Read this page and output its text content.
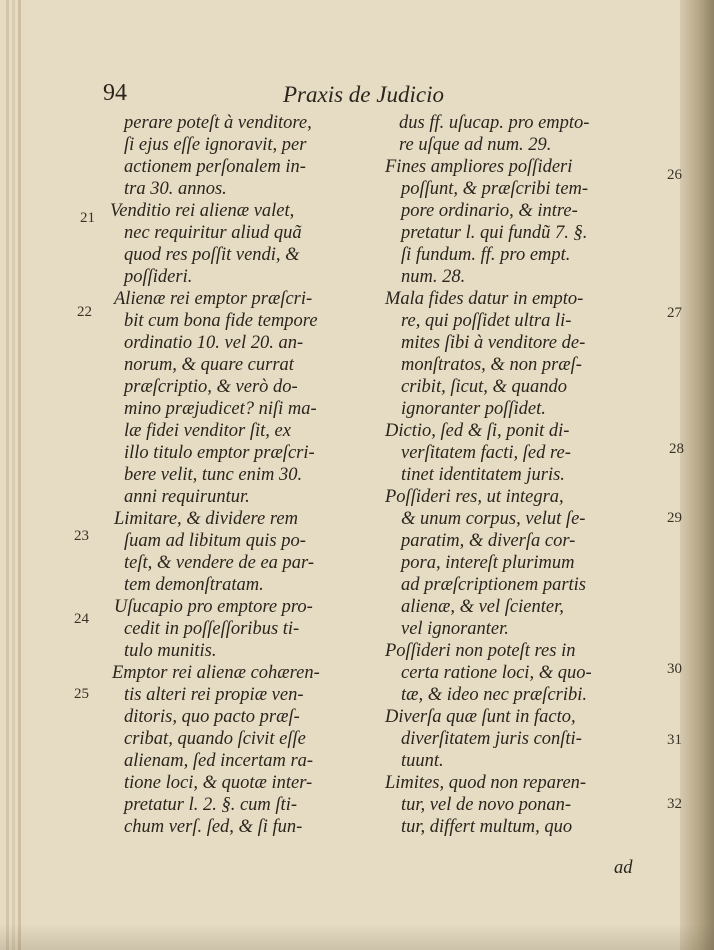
94	Praxis de Judicio
perare poteſt à venditore,
ſi ejus eſſe ignoravit, per
actionem perſonalem in-
tra 30. annos.
Venditio rei alienæ valet,
nec requiritur aliud quã
quod res poſſit vendi, &
poſſideri.
Alienæ rei emptor præſcri-
bit cum bona fide tempore
ordinatio 10. vel 20. an-
norum, & quare currat
præſcriptio, & verò do-
mino præjudicet? niſi ma-
læ fidei venditor ſit, ex
illo titulo emptor præſcri-
bere velit, tunc enim 30.
anni requiruntur.
Limitare, & dividere rem
ſuam ad libitum quis po-
teſt, & vendere de ea par-
tem demonſtratam.
Uſucapio pro emptore pro-
cedit in poſſeſſoribus ti-
tulo munitis.
Emptor rei alienæ cohæren-
tis alteri rei propiæ ven-
ditoris, quo pacto præſ-
cribat, quando ſcivit eſſe
alienam, ſed incertam ra-
tione loci, & quotæ inter-
pretatur l. 2. §. cum ſti-
chum verſ. ſed, & ſi fun-
dus ff. uſucap. pro empto-
re uſque ad num. 29.
Fines ampliores poſſideri
poſſunt, & præſcribi tem-
pore ordinario, & intre-
pretatur l. qui fundũ 7. §.
ſi fundum. ff. pro empt.
num. 28.
Mala fides datur in empto-
re, qui poſſidet ultra li-
mites ſibi à venditore de-
monſtratos, & non præſ-
cribit, ſicut, & quando
ignoranter poſſidet.
Dictio, ſed & ſi, ponit di-
verſitatem facti, ſed re-
tinet identitatem juris.
Poſſideri res, ut integra,
& unum corpus, velut ſe-
paratim, & diverſa cor-
pora, intereſt plurimum
ad præſcriptionem partis
alienæ, & vel ſcienter,
vel ignoranter.
Poſſideri non poteſt res in
certa ratione loci, & quo-
tæ, & ideo nec præſcribi.
Diverſa quæ ſunt in facto,
diverſitatem juris conſti-
tuunt.
Limites, quod non reparen-
tur, vel de novo ponan-
tur, differt multum, quo
21
22
23
24
25
26
27
28
29
30
31
32
ad
